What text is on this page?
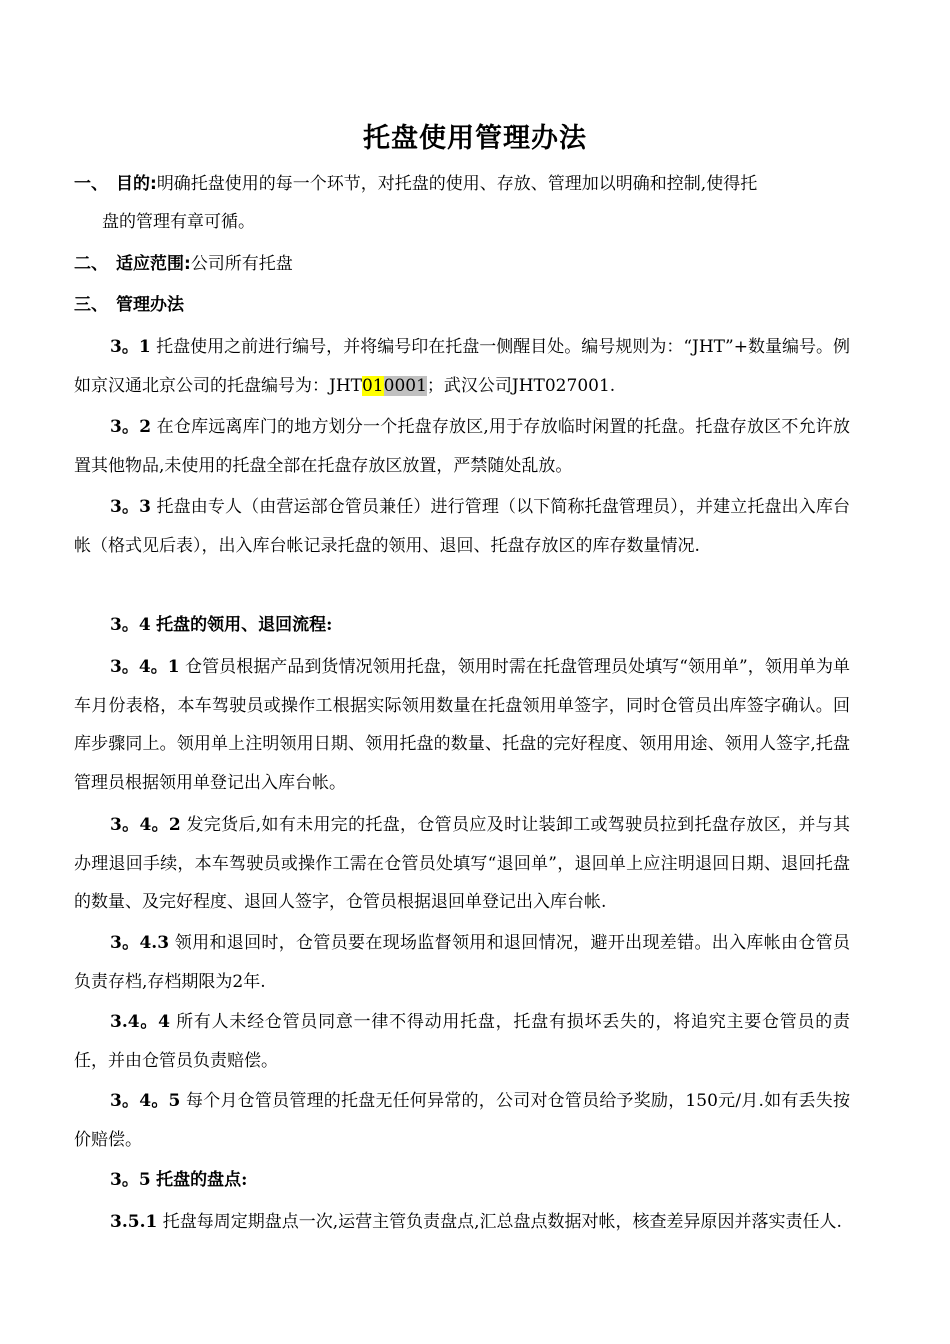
托盘使用管理办法
一、 目的:明确托盘使用的每一个环节，对托盘的使用、存放、管理加以明确和控制,使得托
盘的管理有章可循。
二、 适应范围:公司所有托盘
三、 管理办法
3。1 托盘使用之前进行编号，并将编号印在托盘一侧醒目处。编号规则为：“JHT”+数量编号。例如京汉通北京公司的托盘编号为：JHT010001；武汉公司JHT027001.
3。2 在仓库远离库门的地方划分一个托盘存放区,用于存放临时闲置的托盘。托盘存放区不允许放置其他物品,未使用的托盘全部在托盘存放区放置，严禁随处乱放。
3。3 托盘由专人（由营运部仓管员兼任）进行管理（以下简称托盘管理员），并建立托盘出入库台帐（格式见后表），出入库台帐记录托盘的领用、退回、托盘存放区的库存数量情况.
3。4 托盘的领用、退回流程:
3。4。1 仓管员根据产品到货情况领用托盘，领用时需在托盘管理员处填写“领用单”，领用单为单车月份表格，本车驾驶员或操作工根据实际领用数量在托盘领用单签字，同时仓管员出库签字确认。回库步骤同上。领用单上注明领用日期、领用托盘的数量、托盘的完好程度、领用用途、领用人签字,托盘管理员根据领用单登记出入库台帐。
3。4。2 发完货后,如有未用完的托盘，仓管员应及时让装卸工或驾驶员拉到托盘存放区，并与其办理退回手续，本车驾驶员或操作工需在仓管员处填写“退回单”，退回单上应注明退回日期、退回托盘的数量、及完好程度、退回人签字，仓管员根据退回单登记出入库台帐.
3。4.3 领用和退回时，仓管员要在现场监督领用和退回情况，避开出现差错。出入库帐由仓管员负责存档,存档期限为2年.
3.4。4 所有人未经仓管员同意一律不得动用托盘，托盘有损坏丢失的，将追究主要仓管员的责任，并由仓管员负责赔偿。
3。4。5 每个月仓管员管理的托盘无任何异常的，公司对仓管员给予奖励，150元/月.如有丢失按价赔偿。
3。5 托盘的盘点:
3.5.1 托盘每周定期盘点一次,运营主管负责盘点,汇总盘点数据对帐，核查差异原因并落实责任人.
